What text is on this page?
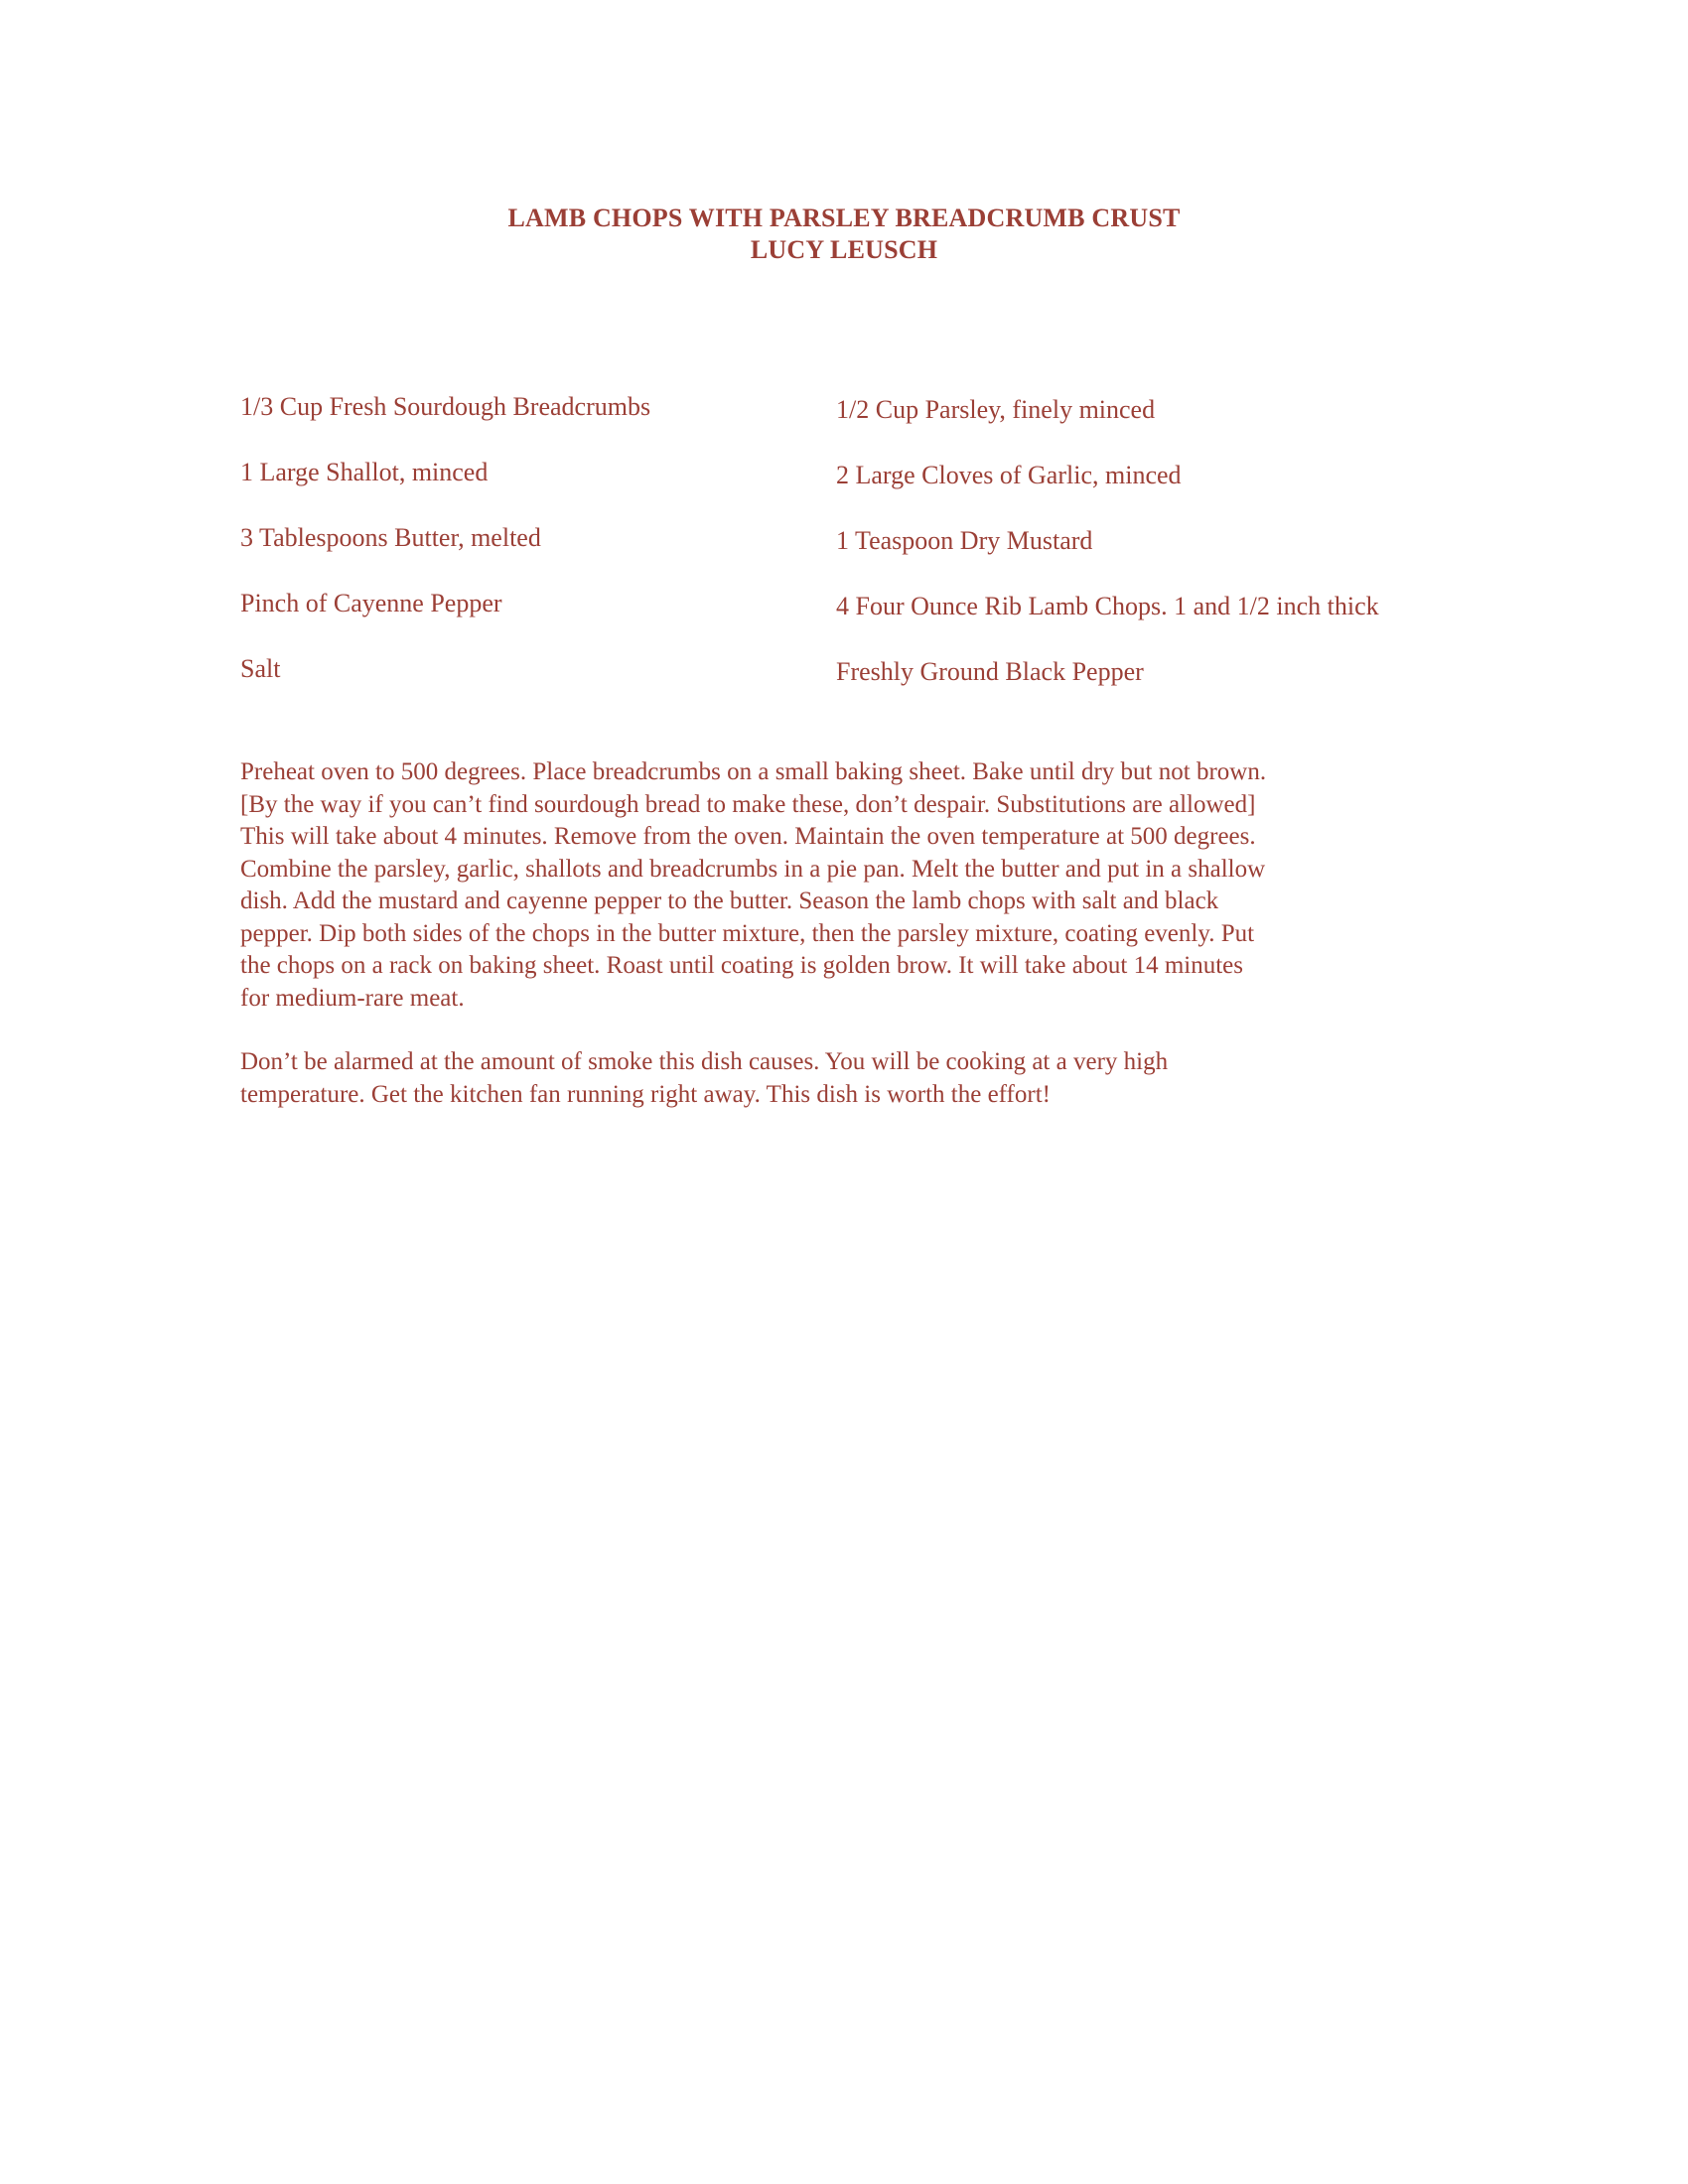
LAMB CHOPS WITH PARSLEY BREADCRUMB CRUST
LUCY LEUSCH
1/3 Cup Fresh Sourdough Breadcrumbs	1/2 Cup Parsley, finely minced
1 Large Shallot, minced	2 Large Cloves of Garlic, minced
3 Tablespoons Butter, melted	1 Teaspoon Dry Mustard
Pinch of Cayenne Pepper	4 Four Ounce Rib Lamb Chops. 1 and 1/2 inch thick
Salt	Freshly Ground Black Pepper

Preheat oven to 500 degrees. Place breadcrumbs on a small baking sheet. Bake until dry but not brown.
[By the way if you can’t find sourdough bread to make these, don’t despair. Substitutions are allowed]
This will take about 4 minutes. Remove from the oven. Maintain the oven temperature at 500 degrees.
Combine the parsley, garlic, shallots and breadcrumbs in a pie pan. Melt the butter and put in a shallow
dish. Add the mustard and cayenne pepper to the butter. Season the lamb chops with salt and black
pepper. Dip both sides of the chops in the butter mixture, then the parsley mixture, coating evenly. Put
the chops on a rack on baking sheet. Roast until coating is golden brow. It will take about 14 minutes
for medium-rare meat.

Don’t be alarmed at the amount of smoke this dish causes. You will be cooking at a very high
temperature. Get the kitchen fan running right away. This dish is worth the effort!
